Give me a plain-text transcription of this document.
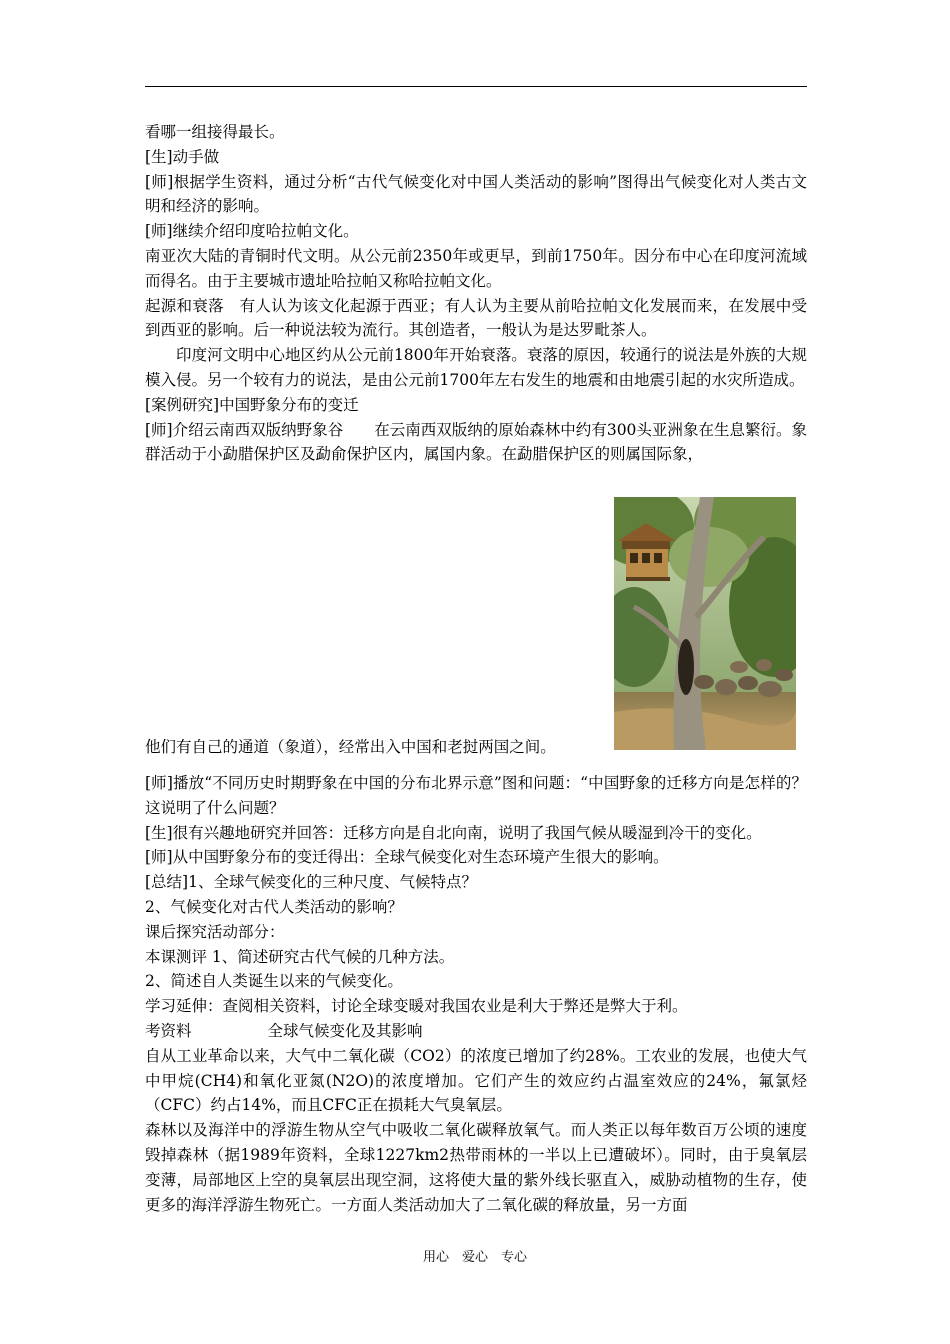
看哪一组接得最长。

[生]动手做

[师]根据学生资料，通过分析“古代气候变化对中国人类活动的影响”图得出气候变化对人类古文明和经济的影响。

[师]继续介绍印度哈拉帕文化。

南亚次大陆的青铜时代文明。从公元前2350年或更早，到前1750年。因分布中心在印度河流域而得名。由于主要城市遗址哈拉帕又称哈拉帕文化。

起源和衰落　有人认为该文化起源于西亚；有人认为主要从前哈拉帕文化发展而来，在发展中受到西亚的影响。后一种说法较为流行。其创造者，一般认为是达罗毗茶人。

印度河文明中心地区约从公元前1800年开始衰落。衰落的原因，较通行的说法是外族的大规模入侵。另一个较有力的说法，是由公元前1700年左右发生的地震和由地震引起的水灾所造成。

[案例研究]中国野象分布的变迁

[师]介绍云南西双版纳野象谷　　在云南西双版纳的原始森林中约有300头亚洲象在生息繁衍。象　群活动于小勐腊保护区及勐俞保护区内，属国内象。在勐腊保护区的则属国际象，

他们有自己的通道（象道），经常出入中国和老挝两国之间。

[师]播放“不同历史时期野象在中国的分布北界示意”图和问题：“中国野象的迁移方向是怎样的？这说明了什么问题？

[生]很有兴趣地研究并回答：迁移方向是自北向南，说明了我国气候从暖湿到冷干的变化。

[师]从中国野象分布的变迁得出：全球气候变化对生态环境产生很大的影响。

[总结]1、全球气候变化的三种尺度、气候特点？

2、气候变化对古代人类活动的影响？

课后探究活动部分：

本课测评 1、简述研究古代气候的几种方法。

2、简述自人类诞生以来的气候变化。

学习延伸：查阅相关资料，讨论全球变暖对我国农业是利大于弊还是弊大于利。

考资料	全球气候变化及其影响

自从工业革命以来，大气中二氧化碳（CO2）的浓度已增加了约28%。工农业的发展，也使大气中甲烷(CH4)和氧化亚氮(N2O)的浓度增加。它们产生的效应约占温室效应的24%，氟氯烃（CFC）约占14%，而且CFC正在损耗大气臭氧层。

森林以及海洋中的浮游生物从空气中吸收二氧化碳释放氧气。而人类正以每年数百万公顷的速度毁掉森林（据1989年资料，全球1227km2热带雨林的一半以上已遭破坏）。同时，由于臭氧层变薄，局部地区上空的臭氧层出现空洞，这将使大量的紫外线长驱直入，威胁动植物的生存，使更多的海洋浮游生物死亡。一方面人类活动加大了二氧化碳的释放量，另一方面

用心　爱心　专心
